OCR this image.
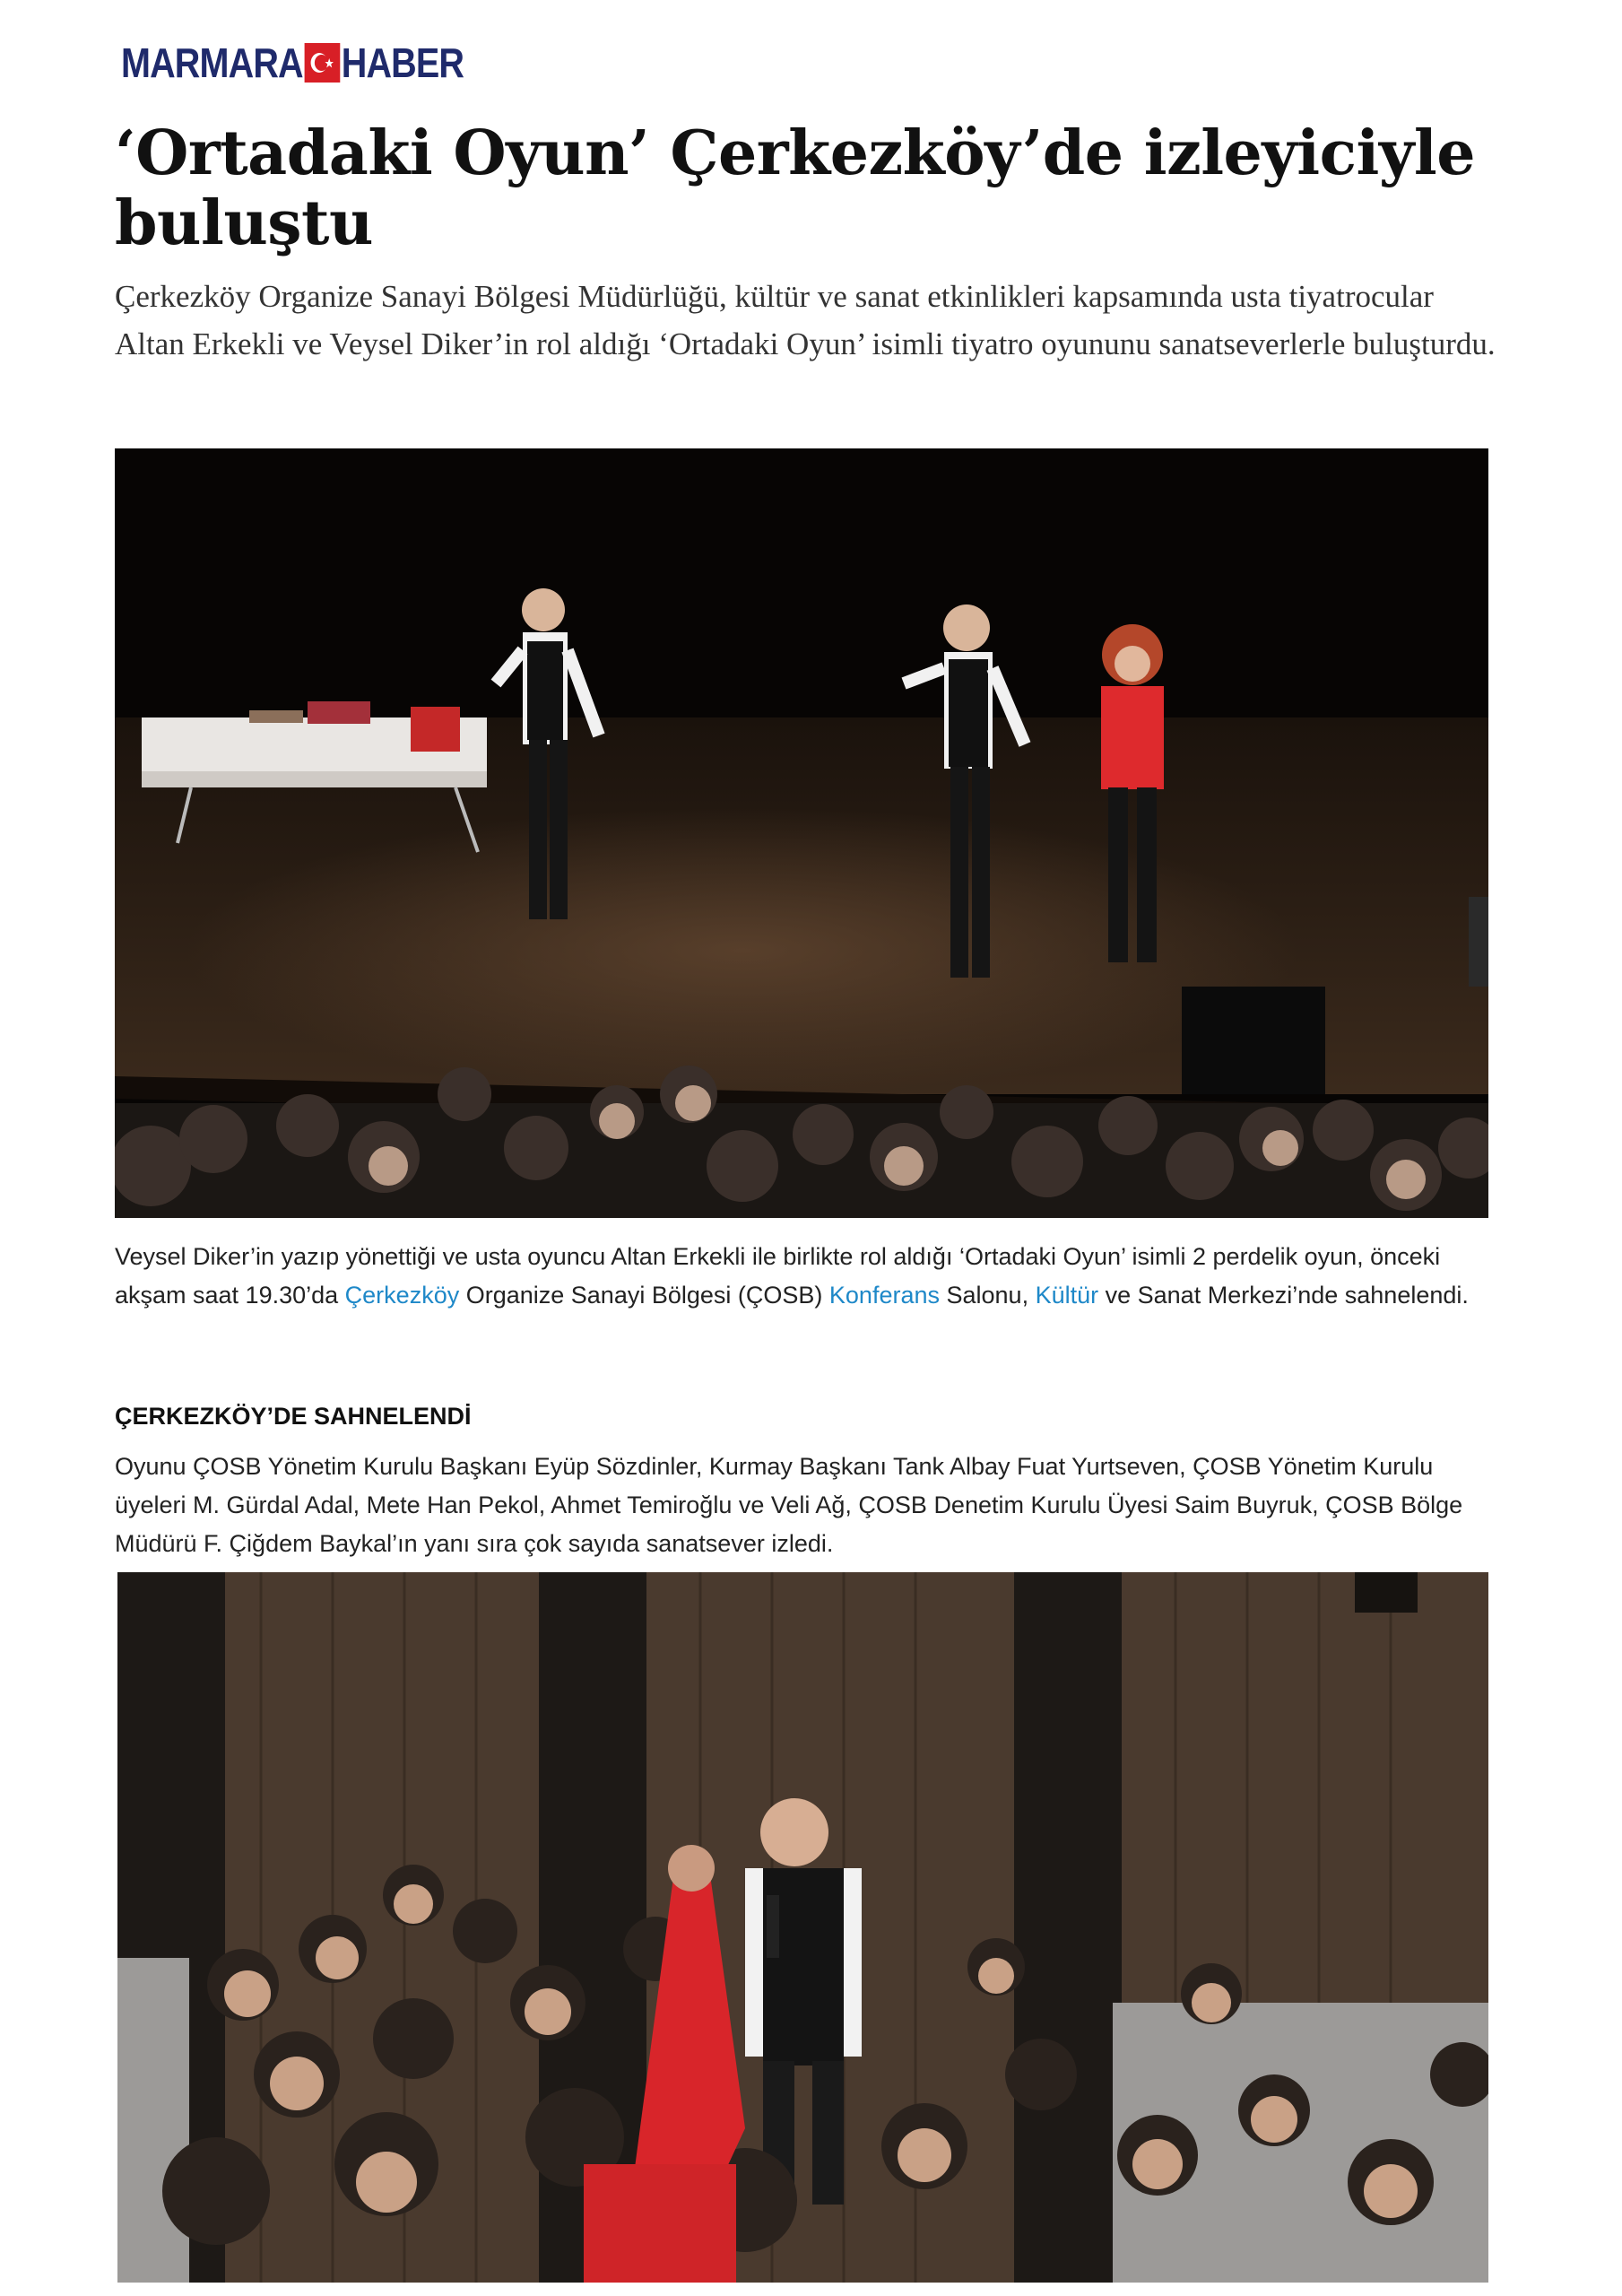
MARMARA HABER
‘Ortadaki Oyun’ Çerkezköy’de izleyiciyle buluştu

Çerkezköy Organize Sanayi Bölgesi Müdürlüğü, kültür ve sanat etkinlikleri kapsamında usta tiyatrocular Altan Erkekli ve Veysel Diker’in rol aldığı ‘Ortadaki Oyun’ isimli tiyatro oyununu sanatseverlerle buluşturdu.

Veysel Diker’in yazıp yönettiği ve usta oyuncu Altan Erkekli ile birlikte rol aldığı ‘Ortadaki Oyun’ isimli 2 perdelik oyun, önceki akşam saat 19.30’da Çerkezköy Organize Sanayi Bölgesi (ÇOSB) Konferans Salonu, Kültür ve Sanat Merkezi’nde sahnelendi.

ÇERKEZKÖY’DE SAHNELENDİ

Oyunu ÇOSB Yönetim Kurulu Başkanı Eyüp Sözdinler, Kurmay Başkanı Tank Albay Fuat Yurtseven, ÇOSB Yönetim Kurulu üyeleri M. Gürdal Adal, Mete Han Pekol, Ahmet Temiroğlu ve Veli Ağ, ÇOSB Denetim Kurulu Üyesi Saim Buyruk, ÇOSB Bölge Müdürü F. Çiğdem Baykal’ın yanı sıra çok sayıda sanatsever izledi.
